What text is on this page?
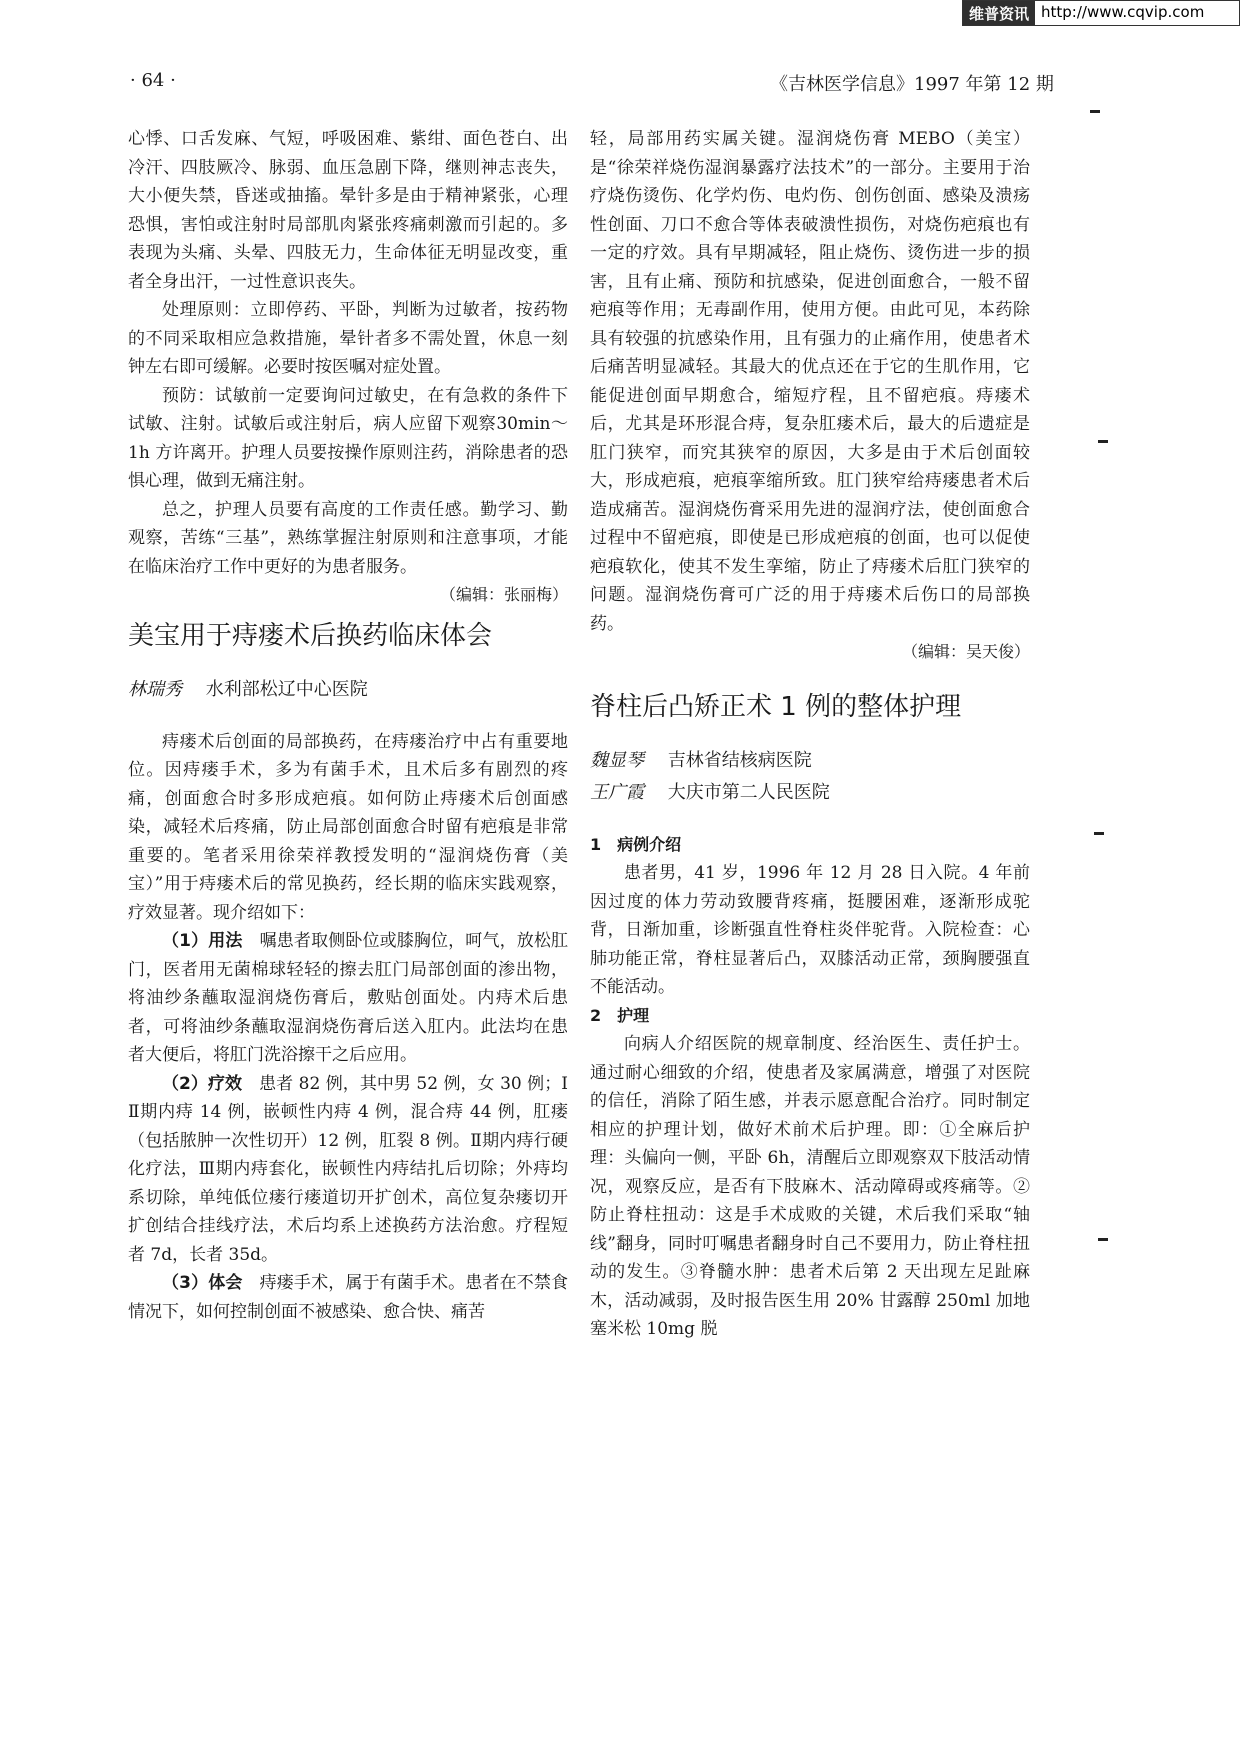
维普资讯 http://www.cqvip.com
· 64 ·	《吉林医学信息》1997 年第 12 期

心悸、口舌发麻、气短，呼吸困难、紫绀、面色苍白、出冷汗、四肢厥冷、脉弱、血压急剧下降，继则神志丧失，大小便失禁，昏迷或抽搐。晕针多是由于精神紧张，心理恐惧，害怕或注射时局部肌肉紧张疼痛刺激而引起的。多表现为头痛、头晕、四肢无力，生命体征无明显改变，重者全身出汗，一过性意识丧失。

处理原则：立即停药、平卧，判断为过敏者，按药物的不同采取相应急救措施，晕针者多不需处置，休息一刻钟左右即可缓解。必要时按医嘱对症处置。

预防：试敏前一定要询问过敏史，在有急救的条件下试敏、注射。试敏后或注射后，病人应留下观察30min～1h 方许离开。护理人员要按操作原则注药，消除患者的恐惧心理，做到无痛注射。

总之，护理人员要有高度的工作责任感。勤学习、勤观察，苦练“三基”，熟练掌握注射原则和注意事项，才能在临床治疗工作中更好的为患者服务。

（编辑：张丽梅）

美宝用于痔瘘术后换药临床体会
林瑞秀 水利部松辽中心医院

痔瘘术后创面的局部换药，在痔瘘治疗中占有重要地位。因痔瘘手术，多为有菌手术，且术后多有剧烈的疼痛，创面愈合时多形成疤痕。如何防止痔瘘术后创面感染，减轻术后疼痛，防止局部创面愈合时留有疤痕是非常重要的。笔者采用徐荣祥教授发明的“湿润烧伤膏（美宝）”用于痔瘘术后的常见换药，经长期的临床实践观察，疗效显著。现介绍如下：

（1）用法　 嘱患者取侧卧位或膝胸位，呵气，放松肛门，医者用无菌棉球轻轻的擦去肛门局部创面的渗出物，将油纱条蘸取湿润烧伤膏后，敷贴创面处。内痔术后患者，可将油纱条蘸取湿润烧伤膏后送入肛内。此法均在患者大便后，将肛门洗浴擦干之后应用。

（2）疗效　 患者 82 例，其中男 52 例，女 30 例；Ⅰ Ⅱ期内痔 14 例，嵌顿性内痔 4 例，混合痔 44 例，肛瘘（包括脓肿一次性切开）12 例，肛裂 8 例。Ⅱ期内痔行硬化疗法，Ⅲ期内痔套化，嵌顿性内痔结扎后切除；外痔均系切除，单纯低位瘘行瘘道切开扩创术，高位复杂瘘切开扩创结合挂线疗法，术后均系上述换药方法治愈。疗程短者 7d，长者 35d。

（3）体会　 痔瘘手术，属于有菌手术。患者在不禁食情况下，如何控制创面不被感染、愈合快、痛苦

轻，局部用药实属关键。湿润烧伤膏 MEBO（美宝）是“徐荣祥烧伤湿润暴露疗法技术”的一部分。主要用于治疗烧伤烫伤、化学灼伤、电灼伤、创伤创面、感染及溃疡性创面、刀口不愈合等体表破溃性损伤，对烧伤疤痕也有一定的疗效。具有早期减轻，阻止烧伤、烫伤进一步的损害，且有止痛、预防和抗感染，促进创面愈合，一般不留疤痕等作用；无毒副作用，使用方便。由此可见，本药除具有较强的抗感染作用，且有强力的止痛作用，使患者术后痛苦明显减轻。其最大的优点还在于它的生肌作用，它能促进创面早期愈合，缩短疗程，且不留疤痕。痔瘘术后，尤其是环形混合痔，复杂肛瘘术后，最大的后遗症是肛门狭窄，而究其狭窄的原因，大多是由于术后创面较大，形成疤痕，疤痕挛缩所致。肛门狭窄给痔瘘患者术后造成痛苦。湿润烧伤膏采用先进的湿润疗法，使创面愈合过程中不留疤痕，即使是已形成疤痕的创面，也可以促使疤痕软化，使其不发生挛缩，防止了痔瘘术后肛门狭窄的问题。湿润烧伤膏可广泛的用于痔瘘术后伤口的局部换药。

（编辑：吴天俊）

脊柱后凸矫正术 1 例的整体护理
魏显琴 吉林省结核病医院
王广霞 大庆市第二人民医院

1　病例介绍

患者男，41 岁，1996 年 12 月 28 日入院。4 年前因过度的体力劳动致腰背疼痛，挺腰困难，逐渐形成驼背，日渐加重，诊断强直性脊柱炎伴驼背。入院检查：心肺功能正常，脊柱显著后凸，双膝活动正常，颈胸腰强直不能活动。

2　护理

向病人介绍医院的规章制度、经治医生、责任护士。通过耐心细致的介绍，使患者及家属满意，增强了对医院的信任，消除了陌生感，并表示愿意配合治疗。同时制定相应的护理计划，做好术前术后护理。即：①全麻后护理：头偏向一侧，平卧 6h，清醒后立即观察双下肢活动情况，观察反应，是否有下肢麻木、活动障碍或疼痛等。②防止脊柱扭动：这是手术成败的关键，术后我们采取“轴线”翻身，同时叮嘱患者翻身时自己不要用力，防止脊柱扭动的发生。③脊髓水肿：患者术后第 2 天出现左足趾麻木，活动减弱，及时报告医生用 20% 甘露醇 250ml 加地塞米松 10mg 脱
